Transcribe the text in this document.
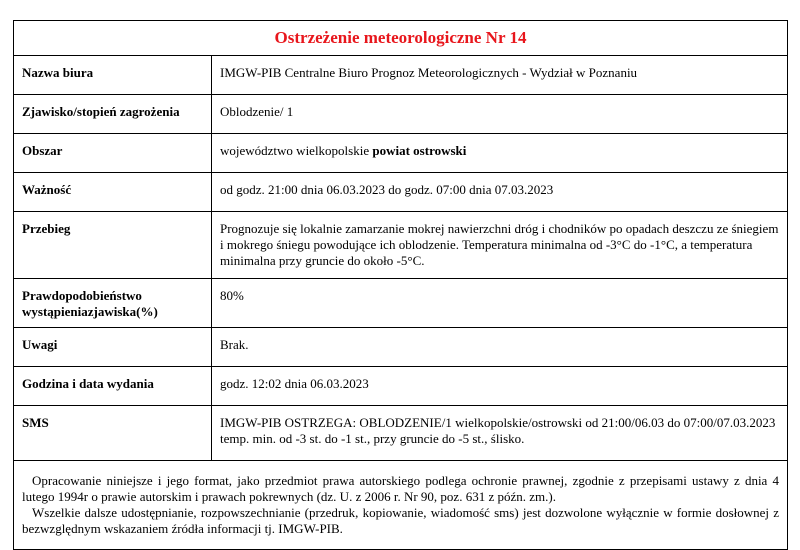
Ostrzeżenie meteorologiczne Nr 14	
Nazwa biura	IMGW-PIB Centralne Biuro Prognoz Meteorologicznych - Wydział w Poznaniu
Zjawisko/stopień zagrożenia	Oblodzenie/ 1
Obszar	województwo wielkopolskie powiat ostrowski
Ważność	od godz. 21:00 dnia 06.03.2023 do godz. 07:00 dnia 07.03.2023
Przebieg	Prognozuje się lokalnie zamarzanie mokrej nawierzchni dróg i chodników po opadach deszczu ze śniegiem i mokrego śniegu powodujące ich oblodzenie. Temperatura minimalna od -3°C do -1°C, a temperatura minimalna przy gruncie do około -5°C.
Prawdopodobieństwo wystąpieniazjawiska(%)	80%
Uwagi	Brak.
Godzina i data wydania	godz. 12:02 dnia 06.03.2023
SMS	IMGW-PIB OSTRZEGA: OBLODZENIE/1 wielkopolskie/ostrowski od 21:00/06.03 do 07:00/07.03.2023 temp. min. od -3 st. do -1 st., przy gruncie do -5 st., ślisko.

Opracowanie niniejsze i jego format, jako przedmiot prawa autorskiego podlega ochronie prawnej, zgodnie z przepisami ustawy z dnia 4 lutego 1994r o prawie autorskim i prawach pokrewnych (dz. U. z 2006 r. Nr 90, poz. 631 z późn. zm.).

Wszelkie dalsze udostępnianie, rozpowszechnianie (przedruk, kopiowanie, wiadomość sms) jest dozwolone wyłącznie w formie dosłownej z bezwzględnym wskazaniem źródła informacji tj. IMGW-PIB.	
